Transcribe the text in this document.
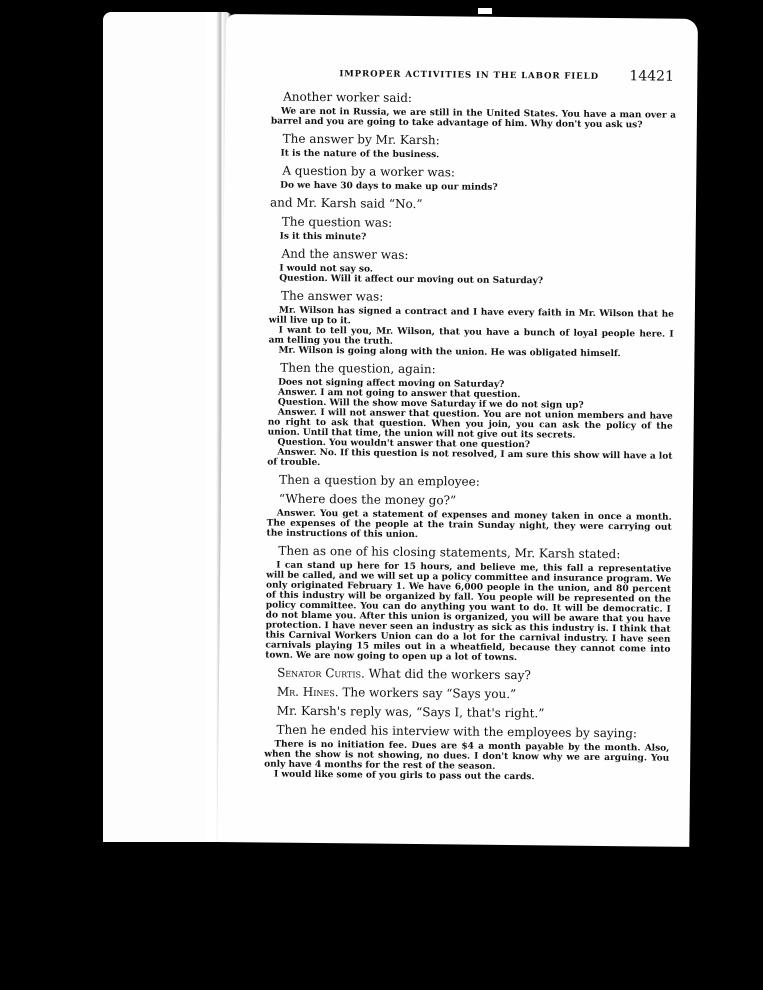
IMPROPER ACTIVITIES IN THE LABOR FIELD 14421

Another worker said:

We are not in Russia, we are still in the United States. You have a man over a barrel and you are going to take advantage of him. Why don't you ask us?

The answer by Mr. Karsh:

It is the nature of the business.

A question by a worker was:

Do we have 30 days to make up our minds?

and Mr. Karsh said “No.”

The question was:

Is it this minute?

And the answer was:

I would not say so.

Question. Will it affect our moving out on Saturday?

The answer was:

Mr. Wilson has signed a contract and I have every faith in Mr. Wilson that he will live up to it.

I want to tell you, Mr. Wilson, that you have a bunch of loyal people here. I am telling you the truth.

Mr. Wilson is going along with the union. He was obligated himself.

Then the question, again:

Does not signing affect moving on Saturday?

Answer. I am not going to answer that question.

Question. Will the show move Saturday if we do not sign up?

Answer. I will not answer that question. You are not union members and have no right to ask that question. When you join, you can ask the policy of the union. Until that time, the union will not give out its secrets.

Question. You wouldn't answer that one question?

Answer. No. If this question is not resolved, I am sure this show will have a lot of trouble.

Then a question by an employee:

“Where does the money go?”

Answer. You get a statement of expenses and money taken in once a month. The expenses of the people at the train Sunday night, they were carrying out the instructions of this union.

Then as one of his closing statements, Mr. Karsh stated:

I can stand up here for 15 hours, and believe me, this fall a representative will be called, and we will set up a policy committee and insurance program. We only originated February 1. We have 6,000 people in the union, and 80 percent of this industry will be organized by fall. You people will be represented on the policy committee. You can do anything you want to do. It will be democratic. I do not blame you. After this union is organized, you will be aware that you have protection. I have never seen an industry as sick as this industry is. I think that this Carnival Workers Union can do a lot for the carnival industry. I have seen carnivals playing 15 miles out in a wheatfield, because they cannot come into town. We are now going to open up a lot of towns.

Senator Curtis. What did the workers say?

Mr. Hines. The workers say “Says you.”

Mr. Karsh's reply was, “Says I, that's right.”

Then he ended his interview with the employees by saying:

There is no initiation fee. Dues are $4 a month payable by the month. Also, when the show is not showing, no dues. I don't know why we are arguing. You only have 4 months for the rest of the season.

I would like some of you girls to pass out the cards.
